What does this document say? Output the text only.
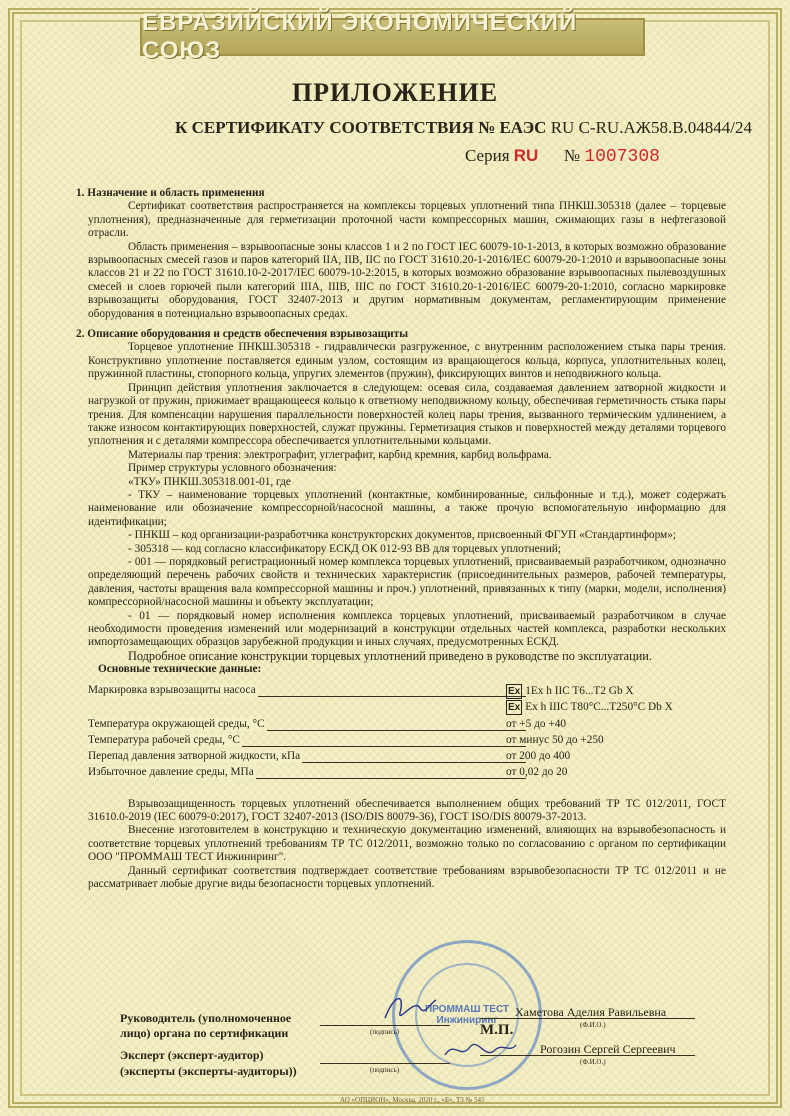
ЕВРАЗИЙСКИЙ ЭКОНОМИЧЕСКИЙ СОЮЗ
ПРИЛОЖЕНИЕ
К СЕРТИФИКАТУ СООТВЕТСТВИЯ № ЕАЭС RU C-RU.АЖ58.В.04844/24
Серия RU № 1007308

1. Назначение и область применения

Сертификат соответствия распространяется на комплексы торцевых уплотнений типа ПНКШ.305318 (далее – торцевые уплотнения), предназначенные для герметизации проточной части компрессорных машин, сжимающих газы в нефтегазовой отрасли.

Область применения – взрывоопасные зоны классов 1 и 2 по ГОСТ IEC 60079-10-1-2013, в которых возможно образование взрывоопасных смесей газов и паров категорий IIA, IIB, IIC по ГОСТ 31610.20-1-2016/IEC 60079-20-1:2010 и взрывоопасные зоны классов 21 и 22 по ГОСТ 31610.10-2-2017/IEC 60079-10-2:2015, в которых возможно образование взрывоопасных пылевоздушных смесей и слоев горючей пыли категорий IIIA, IIIB, IIIC по ГОСТ 31610.20-1-2016/IEC 60079-20-1:2010, согласно маркировке взрывозащиты оборудования, ГОСТ 32407-2013 и другим нормативным документам, регламентирующим применение оборудования в потенциально взрывоопасных средах.

2. Описание оборудования и средств обеспечения взрывозащиты

Торцевое уплотнение ПНКШ.305318 - гидравлически разгруженное, с внутренним расположением стыка пары трения. Конструктивно уплотнение поставляется единым узлом, состоящим из вращающегося кольца, корпуса, уплотнительных колец, пружинной пластины, стопорного кольца, упругих элементов (пружин), фиксирующих винтов и неподвижного кольца.

Принцип действия уплотнения заключается в следующем: осевая сила, создаваемая давлением затворной жидкости и нагрузкой от пружин, прижимает вращающееся кольцо к ответному неподвижному кольцу, обеспечивая герметичность стыка пары трения. Для компенсации нарушения параллельности поверхностей колец пары трения, вызванного термическим удлинением, а также износом контактирующих поверхностей, служат пружины. Герметизация стыков и поверхностей между деталями торцевого уплотнения и с деталями компрессора обеспечивается уплотнительными кольцами.

Материалы пар трения: электрографит, углеграфит, карбид кремния, карбид вольфрама.

Пример структуры условного обозначения:

«ТКУ» ПНКШ.305318.001-01, где

- ТКУ – наименование торцевых уплотнений (контактные, комбинированные, сильфонные и т.д.), может содержать наименование или обозначение компрессорной/насосной машины, а также прочую вспомогательную информацию для идентификации;

- ПНКШ – код организации-разработчика конструкторских документов, присвоенный ФГУП «Стандартинформ»;

- 305318 — код согласно классификатору ЕСКД ОК 012-93 ВВ для торцевых уплотнений;

- 001 — порядковый регистрационный номер комплекса торцевых уплотнений, присваиваемый разработчиком, однозначно определяющий перечень рабочих свойств и технических характеристик (присоединительных размеров, рабочей температуры, давления, частоты вращения вала компрессорной машины и проч.) уплотнений, привязанных к типу (марки, модели, исполнения) компрессорной/насосной машины и объекту эксплуатации;

- 01 — порядковый номер исполнения комплекса торцевых уплотнений, присваиваемый разработчиком в случае необходимости проведения изменений или модернизаций в конструкции отдельных частей комплекса, разработки нескольких импортозамещающих образцов зарубежной продукции и иных случаях, предусмотренных ЕСКД.

Подробное описание конструкции торцевых уплотнений приведено в руководстве по эксплуатации.

Основные технические данные:

Маркировка взрывозащиты насоса	Ex 1Ex h IIC T6...T2 Gb X
Ex Ex h IIIC T80°C...T250°C Db X
Температура окружающей среды, °С	от +5 до +40
Температура рабочей среды, °С	от минус 50 до +250
Перепад давления затворной жидкости, кПа	от 200 до 400
Избыточное давление среды, МПа	от 0,02 до 20

Взрывозащищенность торцевых уплотнений обеспечивается выполнением общих требований ТР ТС 012/2011, ГОСТ 31610.0-2019 (IEC 60079-0:2017), ГОСТ 32407-2013 (ISO/DIS 80079-36), ГОСТ ISO/DIS 80079-37-2013.

Внесение изготовителем в конструкцию и техническую документацию изменений, влияющих на взрывобезопасность и соответствие торцевых уплотнений требованиям ТР ТС 012/2011, возможно только по согласованию с органом по сертификации ООО "ПРОММАШ ТЕСТ Инжиниринг".

Данный сертификат соответствия подтверждает соответствие требованиям взрывобезопасности ТР ТС 012/2011 и не рассматривает любые другие виды безопасности торцевых уплотнений.

ПРОММАШ ТЕСТ Инжиниринг
Руководитель (уполномоченное
лицо) органа по сертификации	(подпись)
Хаметова Аделия Равильевна
(Ф.И.О.)
М.П.
Эксперт (эксперт-аудитор)
(эксперты (эксперты-аудиторы))	(подпись)
Рогозин Сергей Сергеевич
(Ф.И.О.)
АО «ОПЦИОН», Москва, 2020 г., «Б», ТЗ № 545
